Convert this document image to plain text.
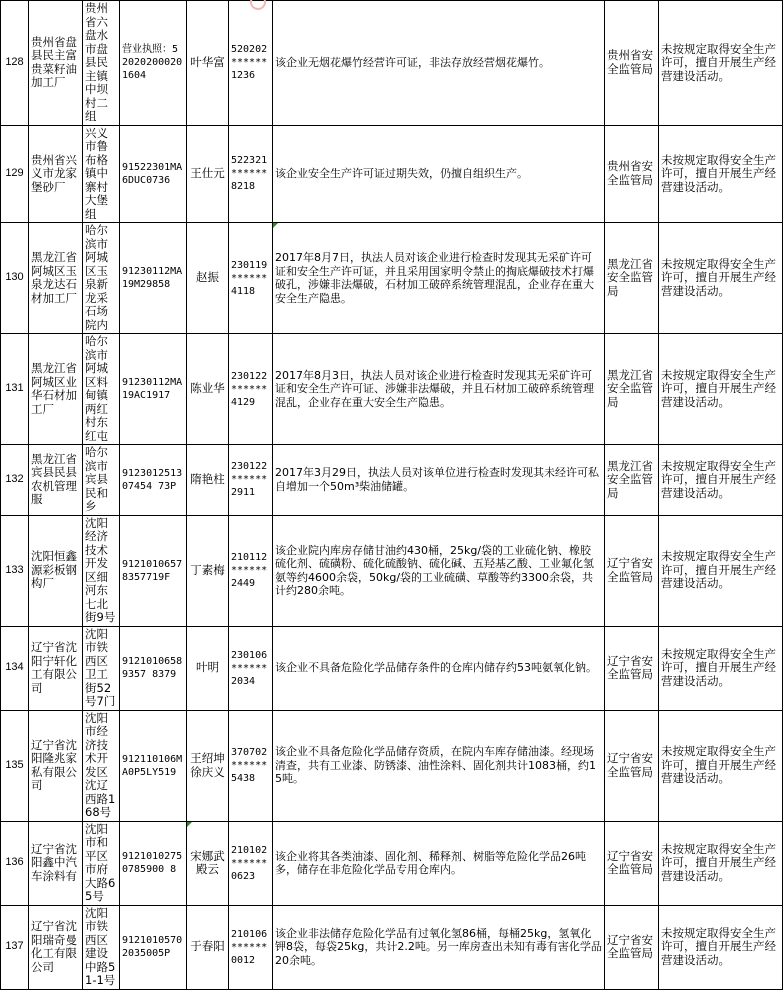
128	贵州省盘县民主富贵菜籽油加工厂	贵州省六盘水市盘县民主镇中坝村二组	营业执照：520202000201604	叶华富	520202******1236	该企业无烟花爆竹经营许可证，非法存放经营烟花爆竹。	贵州省安全监管局	未按规定取得安全生产许可，擅自开展生产经营建设活动。
129	贵州省兴义市龙家堡砂厂	兴义市鲁布格镇中寨村大堡组	91522301MA6DUC0736	王仕元	522321******8218	该企业安全生产许可证过期失效，仍擅自组织生产。	贵州省安全监管局	未按规定取得安全生产许可，擅自开展生产经营建设活动。
130	黑龙江省阿城区玉泉龙达石材加工厂	哈尔滨市阿城区玉泉新龙采石场院内	91230112MA19M29858	赵振	230119******4118	2017年8月7日，执法人员对该企业进行检查时发现其无采矿许可证和安全生产许可证，并且采用国家明令禁止的掏底爆破技术打爆破孔，涉嫌非法爆破，石材加工破碎系统管理混乱，企业存在重大安全生产隐患。	黑龙江省安全监管局	未按规定取得安全生产许可，擅自开展生产经营建设活动。
131	黑龙江省阿城区业华石材加工厂	哈尔滨市阿城区料甸镇两红村东红屯	91230112MA19AC1917	陈业华	230122******4129	2017年8月3日，执法人员对该企业进行检查时发现其无采矿许可证和安全生产许可证、涉嫌非法爆破，并且石材加工破碎系统管理混乱，企业存在重大安全生产隐患。	黑龙江省安全监管局	未按规定取得安全生产许可，擅自开展生产经营建设活动。
132	黑龙江省宾县民县农机管理服	哈尔滨市宾县民和乡	912301251307454 73P	隋艳柱	230122******2911	2017年3月29日，执法人员对该单位进行检查时发现其未经许可私自增加一个50m³柴油储罐。	黑龙江省安全监管局	未按规定取得安全生产许可，擅自开展生产经营建设活动。
133	沈阳恒鑫源彩板钢构厂	沈阳经济技术开发区细河东七北街9号	91210106578357719F	丁素梅	210112******2449	该企业院内库房存储甘油约430桶，25kg/袋的工业硫化钠、橡胶硫化剂、硫磺粉、硫化硫酸钠、硫化碱、五羟基乙酸、工业氟化氢氨等约4600余袋，50kg/袋的工业硫磺、草酸等约3300余袋，共计约280余吨。	辽宁省安全监管局	未按规定取得安全生产许可，擅自开展生产经营建设活动。
134	辽宁省沈阳宁轩化工有限公司	沈阳市铁西区卫工街52号7门	91210106589357 8379	叶明	230106******2034	该企业不具备危险化学品储存条件的仓库内储存约53吨氨氧化钠。	辽宁省安全监管局	未按规定取得安全生产许可，擅自开展生产经营建设活动。
135	辽宁省沈阳隆兆家私有限公司	沈阳市经济技术开发区沈辽西路168号	912110106MA0P5LY519	王绍坤徐庆义	370702******5438	该企业不具备危险化学品储存资质，在院内车库存储油漆。经现场清查，共有工业漆、防锈漆、油性涂料、固化剂共计1083桶，约15吨。	辽宁省安全监管局	未按规定取得安全生产许可，擅自开展生产经营建设活动。
136	辽宁省沈阳鑫中汽车涂料有	沈阳市和平区市府大路65号	91210102750785900 8	宋娜武殿云	210102******0623	该企业将其各类油漆、固化剂、稀释剂、树脂等危险化学品26吨多，储存在非危险化学品专用仓库内。	辽宁省安全监管局	未按规定取得安全生产许可，擅自开展生产经营建设活动。
137	辽宁省沈阳瑞奇曼化工有限公司	沈阳市铁西区建设中路51-1号	91210105702035005P	于春阳	210106******0012	该企业非法储存危险化学品有过氧化氢86桶，每桶25kg，氢氧化钾8袋，每袋25kg，共计2.2吨。另一库房查出未知有毒有害化学品20余吨。	辽宁省安全监管局	未按规定取得安全生产许可，擅自开展生产经营建设活动。
